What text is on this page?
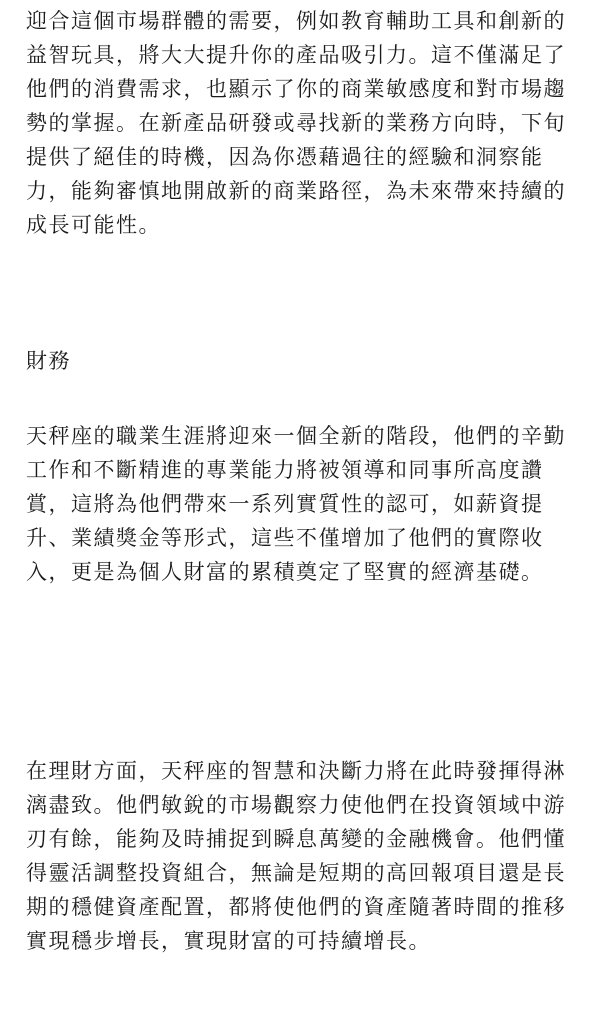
迎合這個市場群體的需要，例如教育輔助工具和創新的益智玩具，將大大提升你的產品吸引力。這不僅滿足了他們的消費需求，也顯示了你的商業敏感度和對市場趨勢的掌握。在新產品研發或尋找新的業務方向時，下旬提供了絕佳的時機，因為你憑藉過往的經驗和洞察能力，能夠審慎地開啟新的商業路徑，為未來帶來持續的成長可能性。

財務

天秤座的職業生涯將迎來一個全新的階段，他們的辛勤工作和不斷精進的專業能力將被領導和同事所高度讚賞，這將為他們帶來一系列實質性的認可，如薪資提升、業績獎金等形式，這些不僅增加了他們的實際收入，更是為個人財富的累積奠定了堅實的經濟基礎。

在理財方面，天秤座的智慧和決斷力將在此時發揮得淋漓盡致。他們敏銳的市場觀察力使他們在投資領域中游刃有餘，能夠及時捕捉到瞬息萬變的金融機會。他們懂得靈活調整投資組合，無論是短期的高回報項目還是長期的穩健資產配置，都將使他們的資產隨著時間的推移實現穩步增長，實現財富的可持續增長。
